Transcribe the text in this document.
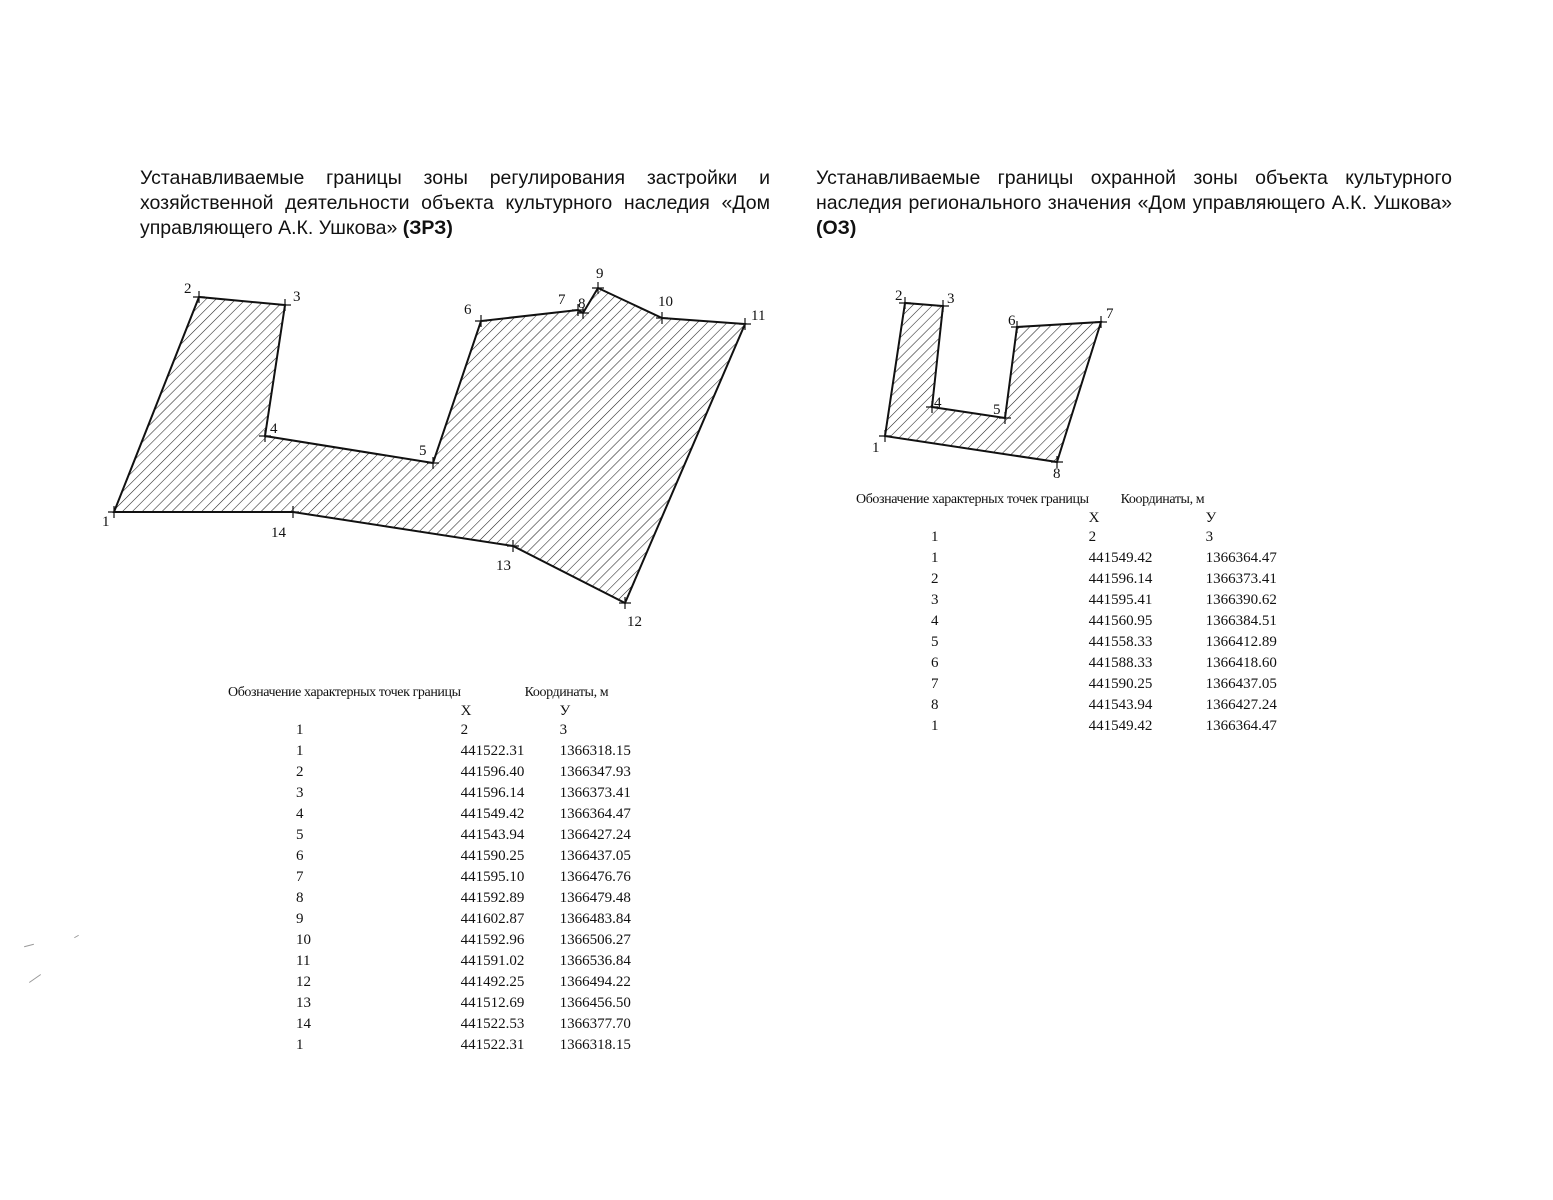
Устанавливаемые границы зоны регулирования застройки и хозяйственной деятельности объекта культурного наследия «Дом управляющего А.К. Ушкова» (ЗРЗ)
Устанавливаемые границы охранной зоны объекта культурного наследия регионального значения «Дом управляющего А.К. Ушкова» (ОЗ)
1
2	3
4
5
6
7 8
9
10
11
12
13
14
1
2	3
4	5
6	7
8
Обозначение характерных точек границы	Координаты, м	
	X	У
1	2	3
1	441522.31	1366318.15
2	441596.40	1366347.93
3	441596.14	1366373.41
4	441549.42	1366364.47
5	441543.94	1366427.24
6	441590.25	1366437.05
7	441595.10	1366476.76
8	441592.89	1366479.48
9	441602.87	1366483.84
10	441592.96	1366506.27
11	441591.02	1366536.84
12	441492.25	1366494.22
13	441512.69	1366456.50
14	441522.53	1366377.70
1	441522.31	1366318.15
Обозначение характерных точек границы	Координаты, м	
	X	У
1	2	3
1	441549.42	1366364.47
2	441596.14	1366373.41
3	441595.41	1366390.62
4	441560.95	1366384.51
5	441558.33	1366412.89
6	441588.33	1366418.60
7	441590.25	1366437.05
8	441543.94	1366427.24
1	441549.42	1366364.47
